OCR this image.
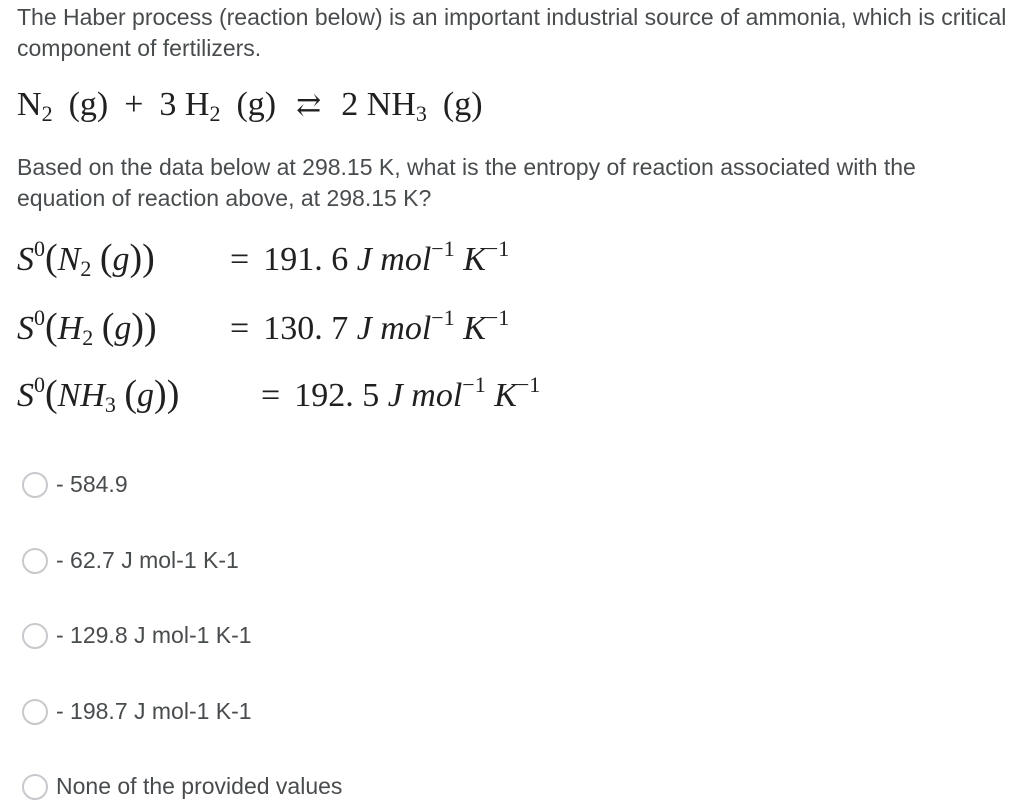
The Haber process (reaction below) is an important industrial source of ammonia, which is critical component of fertilizers.

$N_2$ (g) + 3 $H_2$ (g) ⇄ 2 $NH_3$ (g)

Based on the data below at 298.15 K, what is the entropy of reaction associated with the equation of reaction above, at 298.15 K?

$S^0(N_2$ (g)) = 191. 6 J mol$^{-1}$ $K^{-1}$
$S^0(H_2$ (g)) = 130. 7 J mol$^{-1}$ $K^{-1}$
$S^0(NH_3$ (g)) = 192. 5 J mol$^{-1}$ $K^{-1}$
- 584.9
- 62.7 J mol-1 K-1
- 129.8 J mol-1 K-1
- 198.7 J mol-1 K-1
None of the provided values
